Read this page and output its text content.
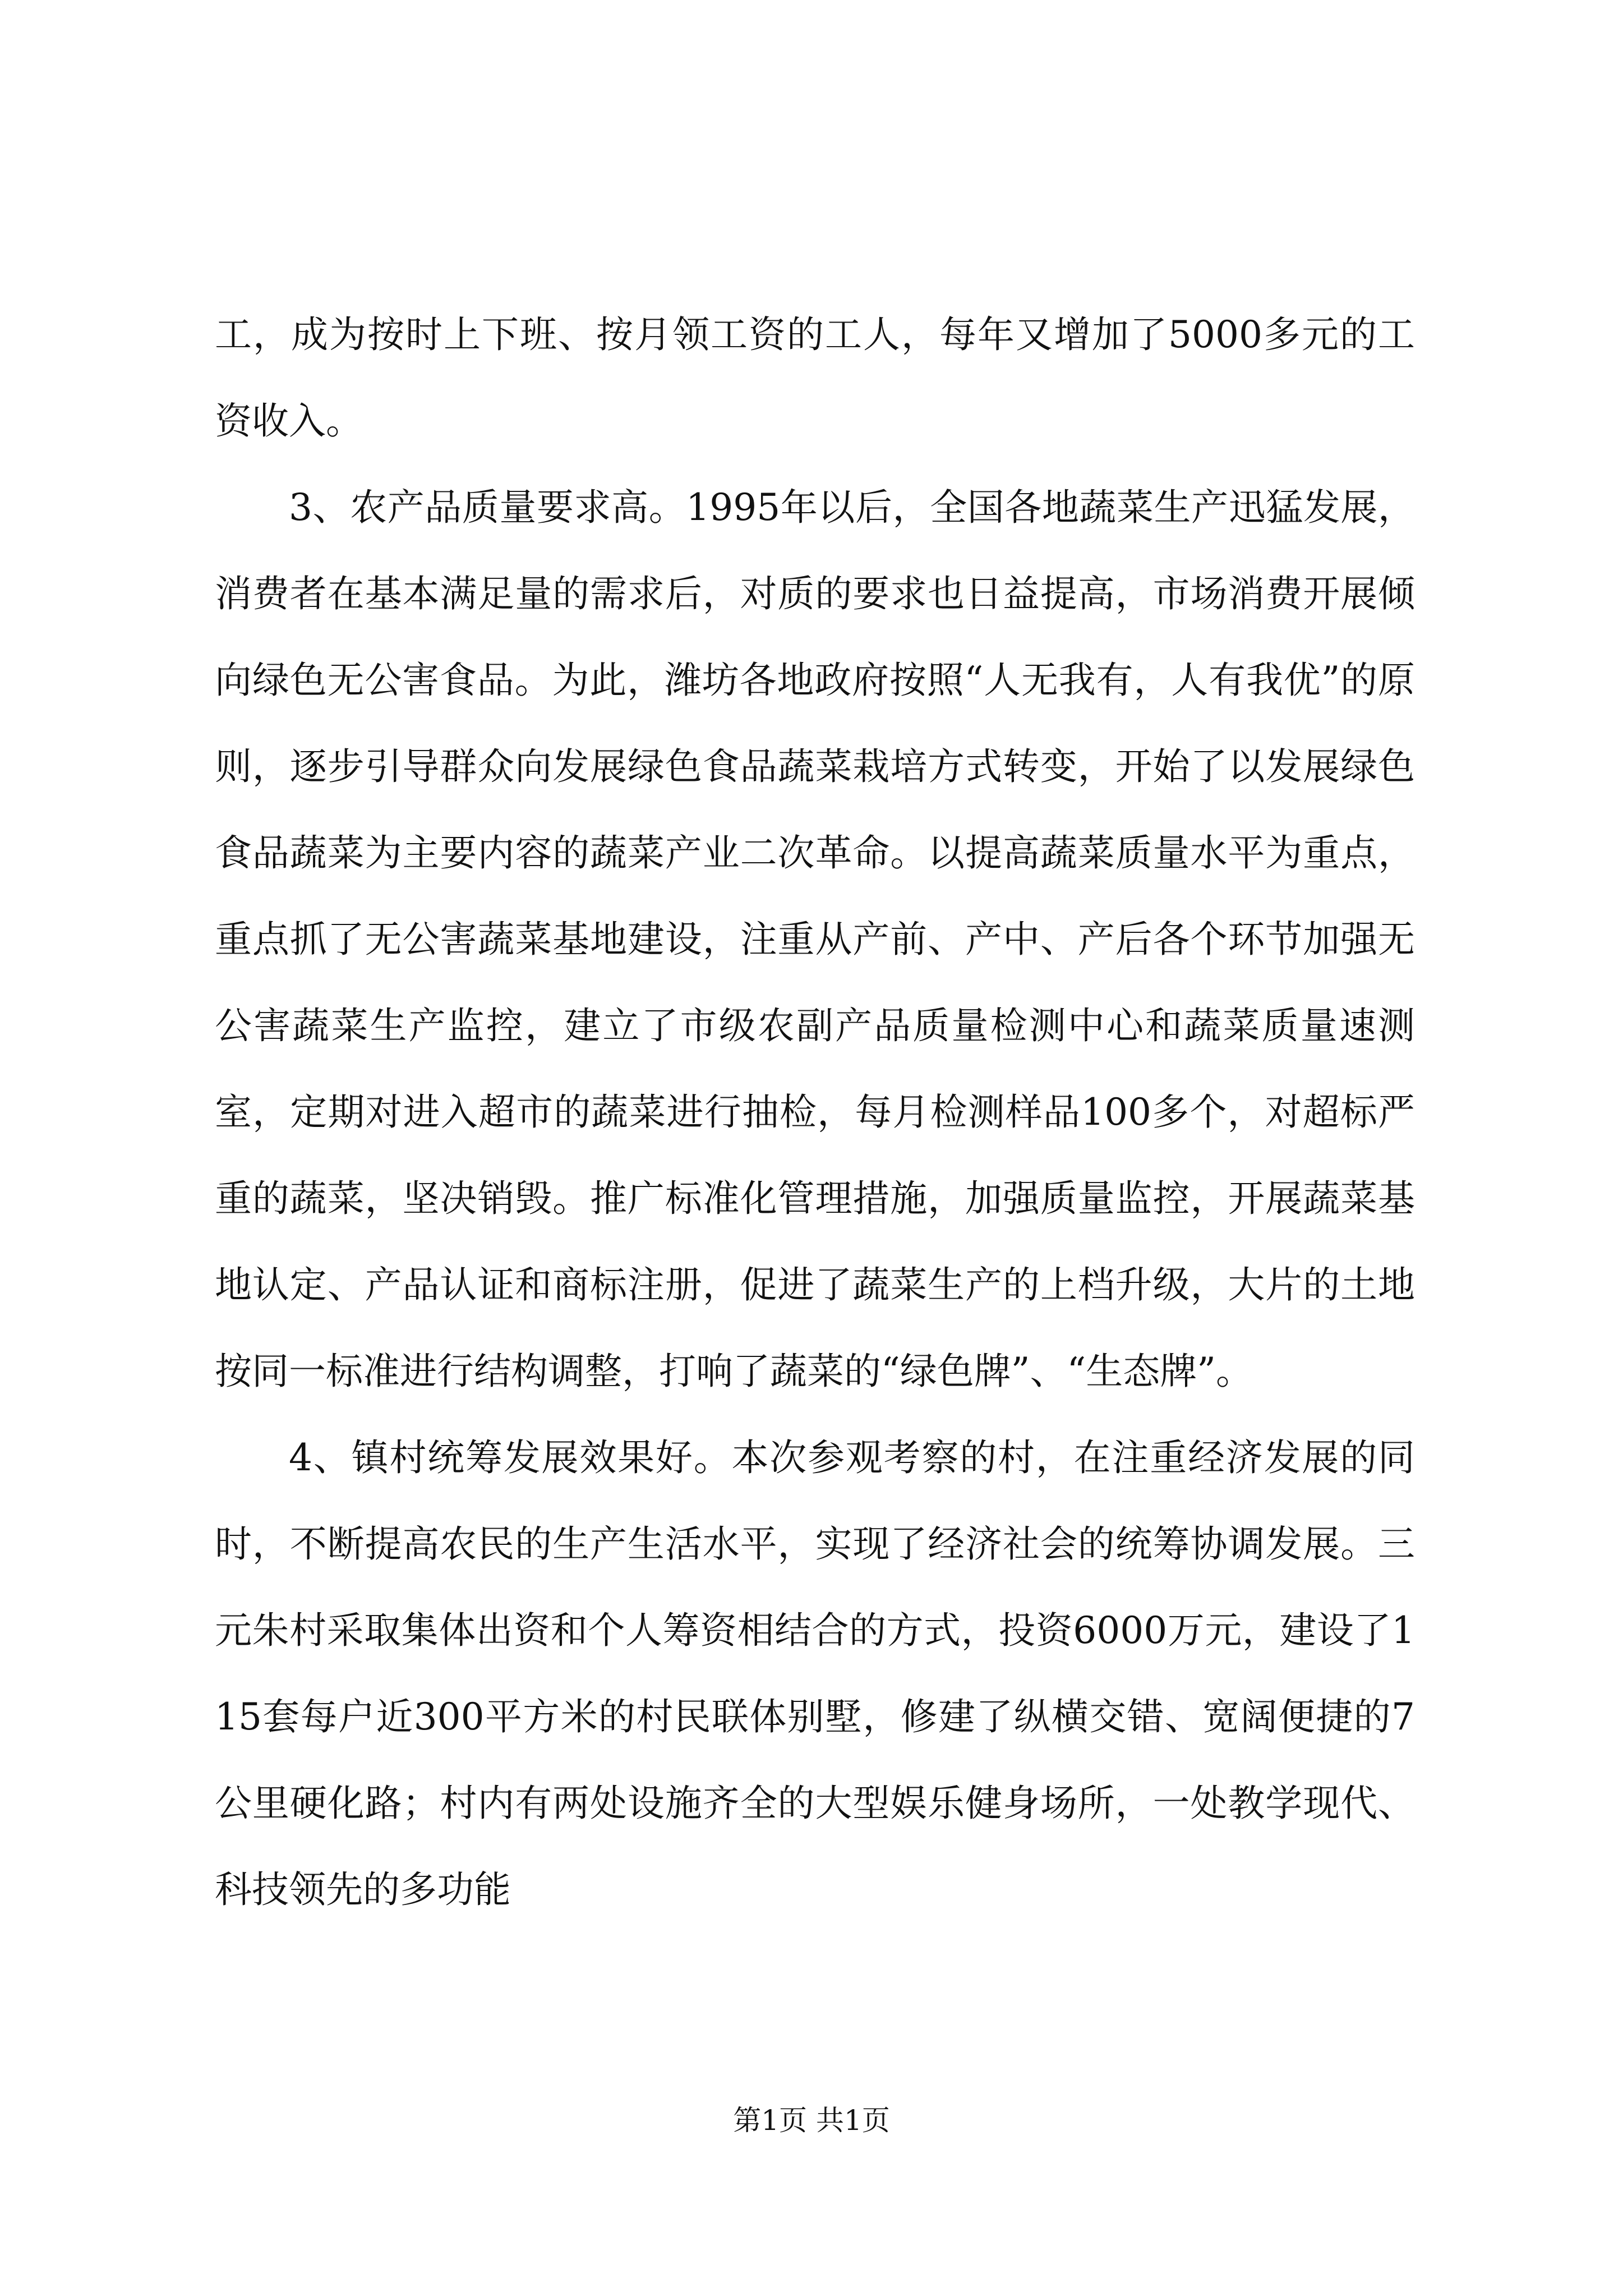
工，成为按时上下班、按月领工资的工人，每年又增加了5000多元的工资收入。

3、农产品质量要求高。1995年以后，全国各地蔬菜生产迅猛发展，消费者在基本满足量的需求后，对质的要求也日益提高，市场消费开展倾向绿色无公害食品。为此，潍坊各地政府按照“人无我有，人有我优”的原则，逐步引导群众向发展绿色食品蔬菜栽培方式转变，开始了以发展绿色食品蔬菜为主要内容的蔬菜产业二次革命。以提高蔬菜质量水平为重点，重点抓了无公害蔬菜基地建设，注重从产前、产中、产后各个环节加强无公害蔬菜生产监控，建立了市级农副产品质量检测中心和蔬菜质量速测室，定期对进入超市的蔬菜进行抽检，每月检测样品100多个，对超标严重的蔬菜，坚决销毁。推广标准化管理措施，加强质量监控，开展蔬菜基地认定、产品认证和商标注册，促进了蔬菜生产的上档升级，大片的土地按同一标准进行结构调整，打响了蔬菜的“绿色牌”、“生态牌”。

4、镇村统筹发展效果好。本次参观考察的村，在注重经济发展的同时，不断提高农民的生产生活水平，实现了经济社会的统筹协调发展。三元朱村采取集体出资和个人筹资相结合的方式，投资6000万元，建设了115套每户近300平方米的村民联体别墅，修建了纵横交错、宽阔便捷的7公里硬化路；村内有两处设施齐全的大型娱乐健身场所，一处教学现代、科技领先的多功能

第1页 共1页
